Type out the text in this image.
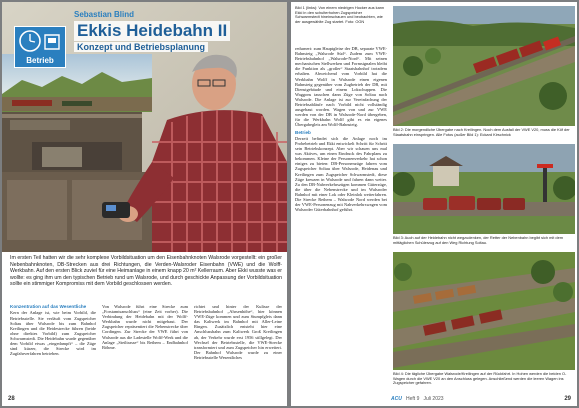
Betrieb
Sebastian Blind
Ekkis Heidebahn II
Konzept und Betriebsplanung
Im ersten Teil hatten wir die sehr komplexe Vorbildsituation um den Eisenbahnknoten Walsrode vorgestellt: ein großer Nebenbahnknoten, DB-Strecken aus drei Richtungen, die Verden-Walsroder Eisenbahn (VWE) und die Wolff-Werkbahn. Auf den ersten Blick zuviel für eine Heimanlage in einem knapp 20 m² Kellerraum. Aber Ekki wusste was er wollte: es ging ihm um den typischen Betrieb rund um Walsrode, und durch geschickte Anpassung der Vorbildsituation sollte ein stimmiger Kompromiss mit dem Vorbild geschlossen werden.
Konzentration auf das Wesentliche

Kern der Anlage ist, wie beim Vorbild, die Betriebsstelle. Sie verläuft vom Zugspeicher Soltau über Walsrode bis zum Bahnhof Kreilingen und die Heidestrecke führen (beide ohne direktes Vorbild) zum Zugspeicher Schwarmstedt. Die Heidebahn wurde gegenüber dem Vorbild etwas „eingedampft“ – die Züge sind kürzer, die Strecke wird im Zugfahrverfahren betrieben.

Von Walsrode führt eine Strecke zum „Forstamtsanschluss“ (eine Zeit vorher). Die Verbindung der Heidebahn mit der Wolff-Werkbahn wurde nicht mitgebaut. Der Zugspeicher repräsentiert die Nebenstrecke über Cordingen. Zur Strecke der VWE führt von Walsrode aus die Ladestelle Wolff-Werk und die Anlage „Steiltrasse“ bis Rethem – Endbahnhof Böhme.

richtet und hinter der Kulisse der Betriebsbahnhof „Ahrsenhöhe“, hier können VWE-Züge kommen und zum Stumpfgleis dann das Kaliwerk im Bahnhof mit Aller-Leine Ringen. Zusätzlich entsteht hier eine Anschlussbahn zum Kaliwerk Groß Kreilingen ab, der Verkehr wurde erst 1956 stillgelegt. Der Wechsel der Betriebsstelle, die VWE-Strecke transformiert und zum Zugspeicher hin erweitert. Der Bahnhof Walsrode wurde zu einer Betriebsstelle Wesentliches

28
Bild 1 (links): Von einem niedrigen Hocker aus kann Ekki in den schulterhohen Zugspeicher Schwarmstedt hineinschauen und beobachten, wie der ausgewählte Zug startet. Foto: OGN

redurnert: zum Hauptgleise der DB, separate VWE-Bahnsteig „Walsrode Süd“. Zudem zum VWE-Betriebsbahnhof „Walsrode-Nord“. Mit seinen mechanischen Stellwerken und Formsignalen bleibt die Funktion als „großer“ Staatsbahnhof trotzdem erhalten. Abweichend vom Vorbild hat die Werkbahn Wolff in Walsrode einen eigenen Bahnsteig gegenüber vom Zugbetrieb der DB, mit Dienstgebäude und einem Lokschuppen. Die Waggons tauschen dann Züge von Soltau nach Walsrode. Die Anlage ist zur Vereinfachung der Betriebsabläufe nach Vorbild nicht vollständig ausgebaut worden. Wagen von und zur VWE werden von der DB in Walsrode-Nord übergeben, für die Werkbahn Wolff gibt es ein eigenes Übergabegleis am Wolff-Bahnsteig.

Betrieb

Derzeit befindet sich die Anlage noch im Probebetrieb und Ekki entwickelt Schritt für Schritt sein Betriebskonzept. Aber wir schauen uns mal was Aktives, um einen Eindruck des Fahrplans zu bekommen. Kleine der Personenverkehr hat schon einiges zu bieten: DB-Personenzüge fahren vom Zugspeicher Soltau über Walsrode, Heidenau und Kreilingen zum Zugspeicher Schwarmstedt, diese Züge kreuzen in Walsrode und fahren dann weiter. Zu den DB-Nahverkehrszügen kommen Güterzüge, die über die Nebenstrecke und im Walsroder Bahnhof mit einer Lok oder Kleinlok weiterfahren. Die Strecke Rethem – Walsrode Nord werden bei der VWE-Personenzug mit Nahverkehrswagen vom Walsroder Güterbahnhof geführt.

Bild 2: Die morgendliche Übergabe nach Kreilingen. Noch dem Ausfall der VWE V20, muss die Köf der Staatsbahn einspringen. Alle Fotos (außer Bild 1): Eckard Kirschnick
Bild 3: Auch auf der Heidebahn nicht wegzudenken, der Retter der Nebenbahn begibt sich mit dem mittäglichen Schülerzug auf den Weg Richtung Soltau.
Bild 4: Die tägliche Übergabe Walsrode/Kreilingen auf der Rückfahrt. In Hohen werden die beiden O-Wagen durch die VWE V20 an den Anschluss gelegen. Anschließend werden die leeren Wagen ins Zugspeicher gefahren.
ACU Heft 9 Juli 2023	29
